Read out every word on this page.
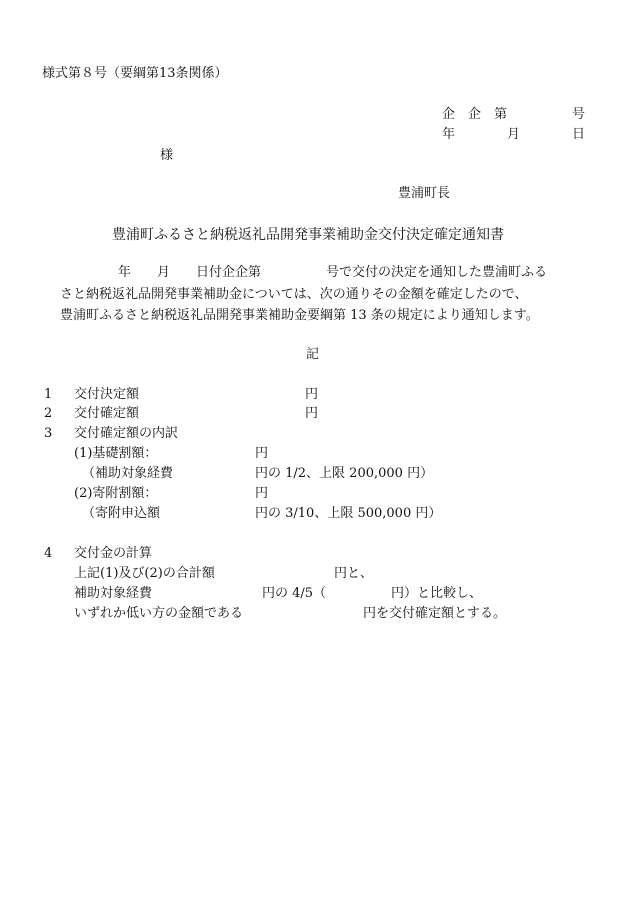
様式第８号（要綱第13条関係）
企　企　第　　　　　号
年　　　　月　　　　日
様
豊浦町長
豊浦町ふるさと納税返礼品開発事業補助金交付決定確定通知書
年　　月　　日付企企第　　　　　号で交付の決定を通知した豊浦町ふる
さと納税返礼品開発事業補助金については、次の通りその金額を確定したので、
豊浦町ふるさと納税返礼品開発事業補助金要綱第 13 条の規定により通知します。
記
1 交付決定額	円
2 交付確定額	円
3 交付確定額の内訳
(1)基礎割額：	円
（補助対象経費	円の 1/2、上限 200,000 円）
(2)寄附割額：	円
（寄附申込額	円の 3/10、上限 500,000 円）
4 交付金の計算
上記(1)及び(2)の合計額	円と、
補助対象経費	円の 4/5（　　　　　円）と比較し、
いずれか低い方の金額である	円を交付確定額とする。
